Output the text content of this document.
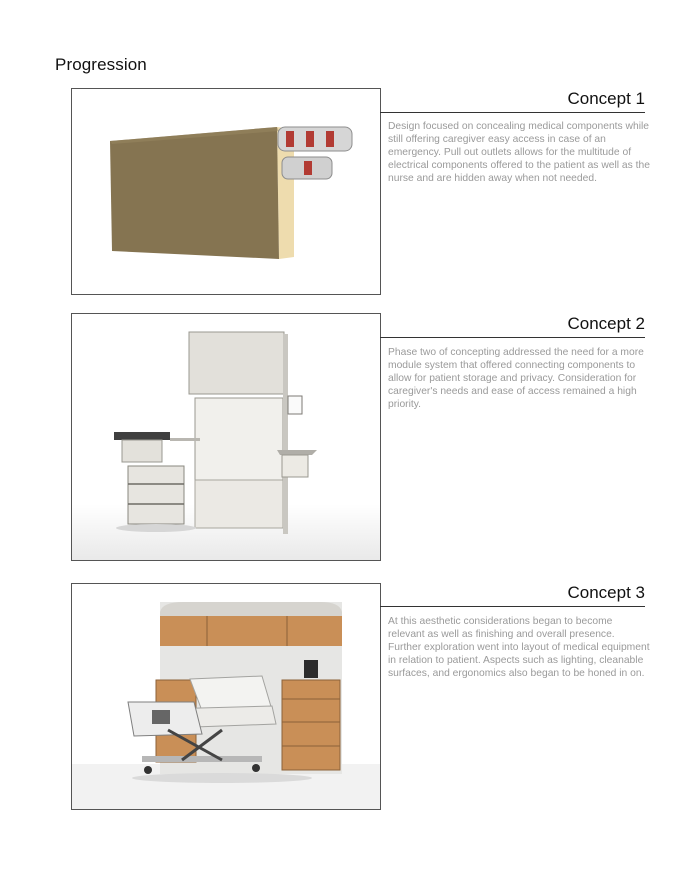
Progression
Concept 1
Design focused on concealing medical components while still offering caregiver easy access in case of an emergency. Pull out outlets allows for the multitude of electrical components offered to the patient as well as the nurse and are hidden away when not needed.
Concept 2
Phase two of concepting addressed the need for a more module system that offered connecting components to allow for patient storage and privacy. Consideration for caregiver's needs and ease of access remained a high priority.
Concept 3
At this aesthetic considerations began to become relevant as well as finishing and overall presence. Further exploration went into layout of medical equipment in relation to patient. Aspects such as lighting, cleanable surfaces, and ergonomics also began to be honed in on.
